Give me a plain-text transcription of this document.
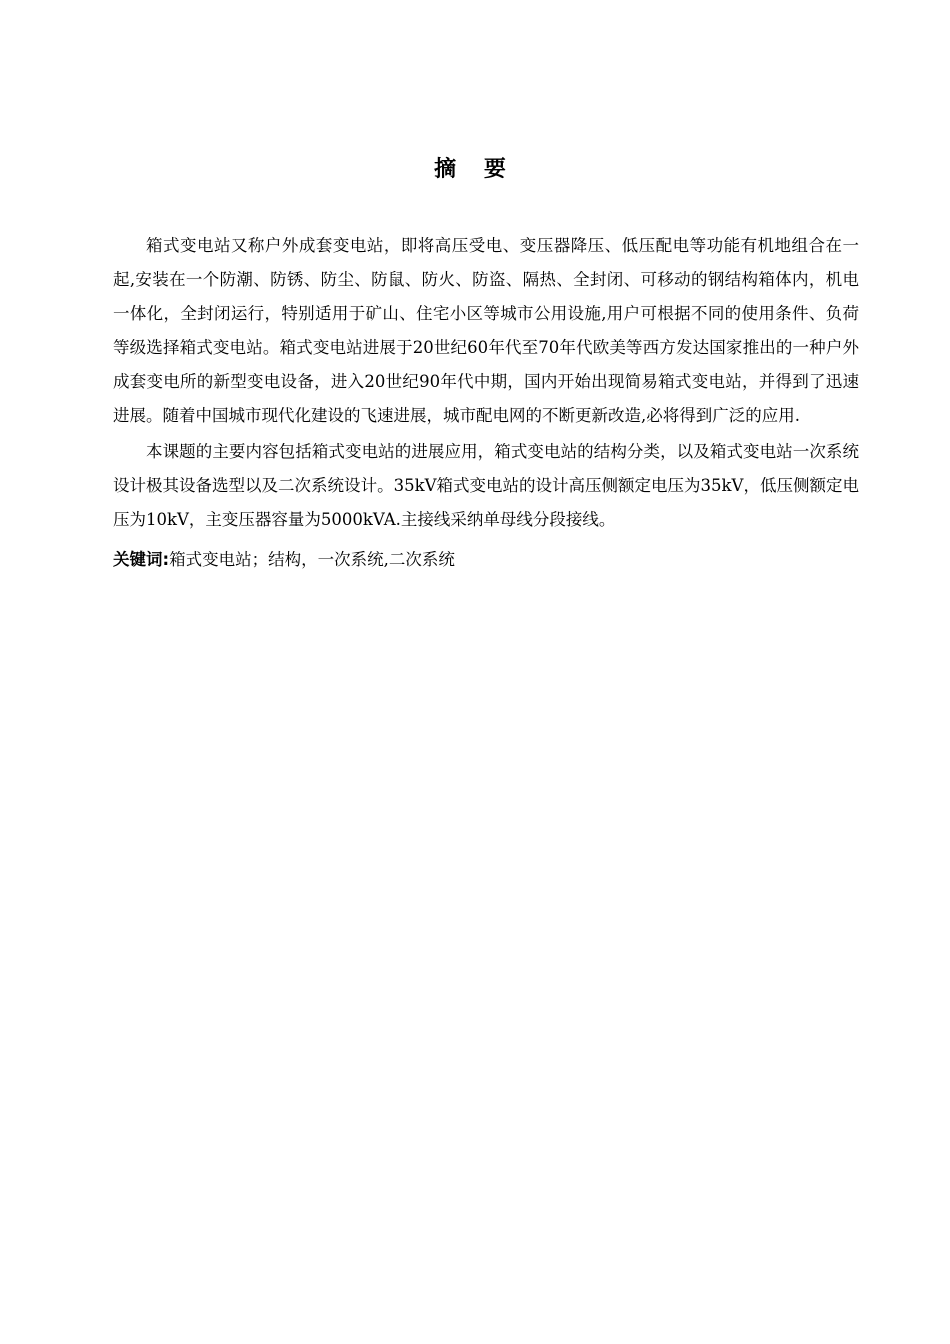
摘 要

箱式变电站又称户外成套变电站，即将高压受电、变压器降压、低压配电等功能有机地组合在一起,安装在一个防潮、防锈、防尘、防鼠、防火、防盗、隔热、全封闭、可移动的钢结构箱体内，机电一体化，全封闭运行，特别适用于矿山、住宅小区等城市公用设施,用户可根据不同的使用条件、负荷等级选择箱式变电站。箱式变电站进展于20世纪60年代至70年代欧美等西方发达国家推出的一种户外成套变电所的新型变电设备，进入20世纪90年代中期，国内开始出现简易箱式变电站，并得到了迅速进展。随着中国城市现代化建设的飞速进展，城市配电网的不断更新改造,必将得到广泛的应用.

本课题的主要内容包括箱式变电站的进展应用，箱式变电站的结构分类，以及箱式变电站一次系统设计极其设备选型以及二次系统设计。35kV箱式变电站的设计高压侧额定电压为35kV，低压侧额定电压为10kV，主变压器容量为5000kVA.主接线采纳单母线分段接线。

关键词:箱式变电站；结构，一次系统,二次系统
